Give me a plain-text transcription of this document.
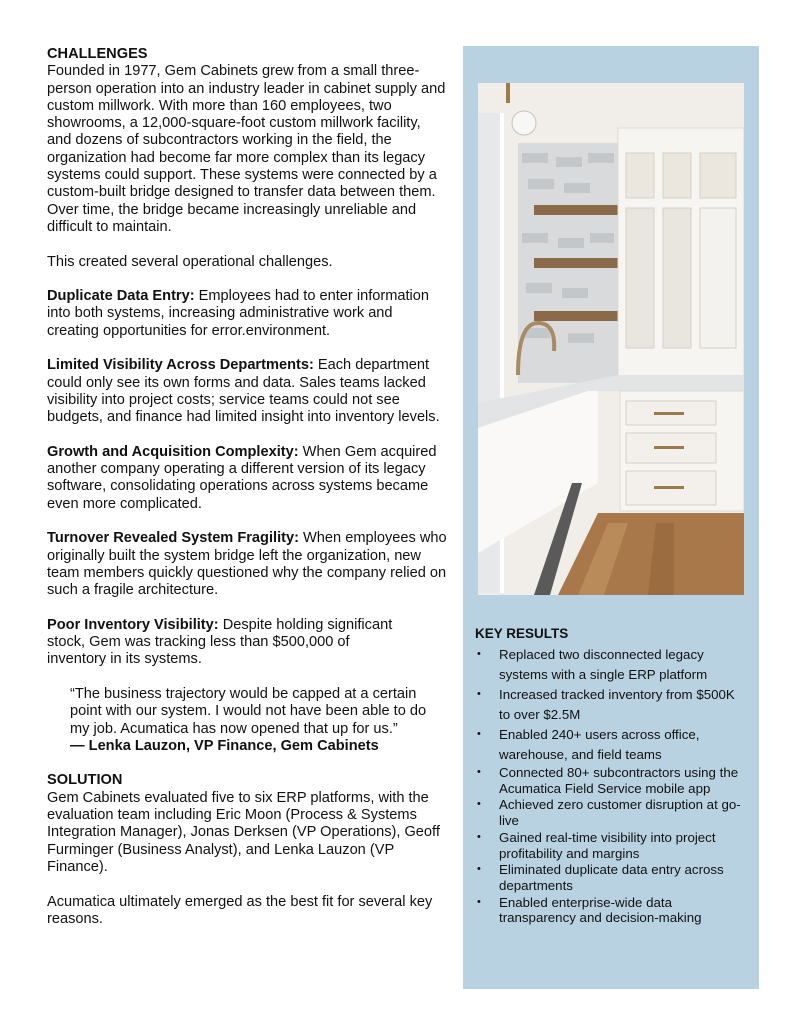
CHALLENGES

Founded in 1977, Gem Cabinets grew from a small three-person operation into an industry leader in cabinet supply and custom millwork. With more than 160 employees, two showrooms, a 12,000-square-foot custom millwork facility, and dozens of subcontractors working in the field, the organization had become far more complex than its legacy systems could support. These systems were connected by a custom-built bridge designed to transfer data between them. Over time, the bridge became increasingly unreliable and difficult to maintain.

This created several operational challenges.

Duplicate Data Entry: Employees had to enter information into both systems, increasing administrative work and creating opportunities for error.environment.

Limited Visibility Across Departments: Each department could only see its own forms and data. Sales teams lacked visibility into project costs; service teams could not see budgets, and finance had limited insight into inventory levels.

Growth and Acquisition Complexity: When Gem acquired another company operating a different version of its legacy software, consolidating operations across systems became even more complicated.

Turnover Revealed System Fragility: When employees who originally built the system bridge left the organization, new team members quickly questioned why the company relied on such a fragile architecture.

Poor Inventory Visibility: Despite holding significant stock, Gem was tracking less than $500,000 of inventory in its systems.

“The business trajectory would be capped at a certain point with our system. I would not have been able to do my job. Acumatica has now opened that up for us.”
— Lenka Lauzon, VP Finance, Gem Cabinets
SOLUTION

Gem Cabinets evaluated five to six ERP platforms, with the evaluation team including Eric Moon (Process & Systems Integration Manager), Jonas Derksen (VP Operations), Geoff Furminger (Business Analyst), and Lenka Lauzon (VP Finance).

Acumatica ultimately emerged as the best fit for several key reasons.

KEY RESULTS
• Replaced two disconnected legacy systems with a single ERP platform
• Increased tracked inventory from $500K to over $2.5M
• Enabled 240+ users across office, warehouse, and field teams
• Connected 80+ subcontractors using the Acumatica Field Service mobile app
• Achieved zero customer disruption at go-live
• Gained real-time visibility into project profitability and margins
• Eliminated duplicate data entry across departments
• Enabled enterprise-wide data transparency and decision-making
